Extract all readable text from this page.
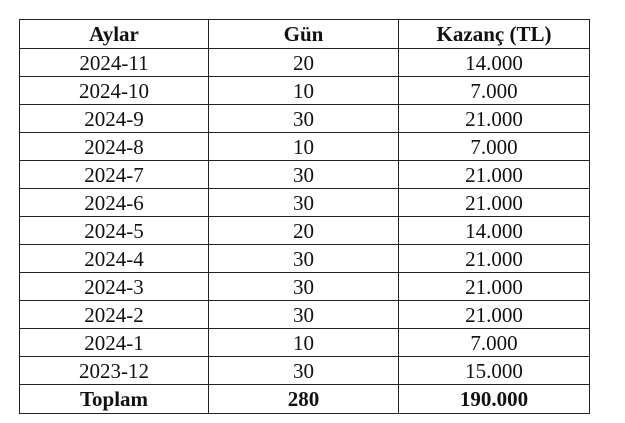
Aylar	Gün	Kazanç (TL)
2024-11	20	14.000
2024-10	10	7.000
2024-9	30	21.000
2024-8	10	7.000
2024-7	30	21.000
2024-6	30	21.000
2024-5	20	14.000
2024-4	30	21.000
2024-3	30	21.000
2024-2	30	21.000
2024-1	10	7.000
2023-12	30	15.000
Toplam	280	190.000
